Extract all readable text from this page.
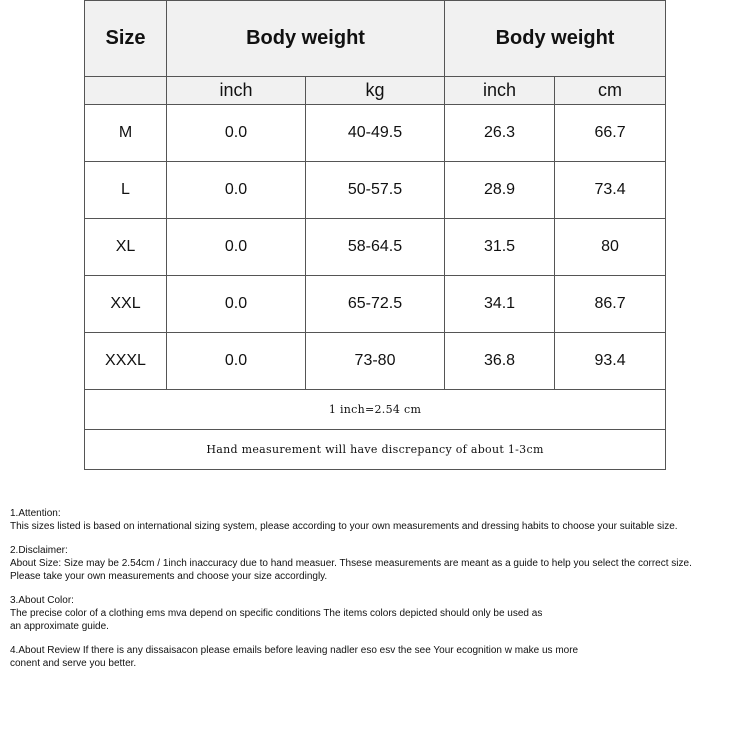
Size	Body weight		Body weight	
	inch	kg	inch	cm
M	0.0	40-49.5	26.3	66.7
L	0.0	50-57.5	28.9	73.4
XL	0.0	58-64.5	31.5	80
XXL	0.0	65-72.5	34.1	86.7
XXXL	0.0	73-80	36.8	93.4
1 inch=2.54 cm				
Hand measurement will have discrepancy of about 1-3cm				

1.Attention:

This sizes listed is based on international sizing system, please according to your own measurements and dressing habits to choose your suitable size.

2.Disclaimer:

About Size: Size may be 2.54cm / 1inch inaccuracy due to hand measuer. Thsese measurements are meant as a guide to help you select the correct size.

Please take your own measurements and choose your size accordingly.

3.About Color:

The precise color of a clothing ems mva depend on specific conditions The items colors depicted should only be used as

an approximate guide.

4.About Review If there is any dissaisacon please emails before leaving nadler eso esv the see Your ecognition w make us more

conent and serve you better.
